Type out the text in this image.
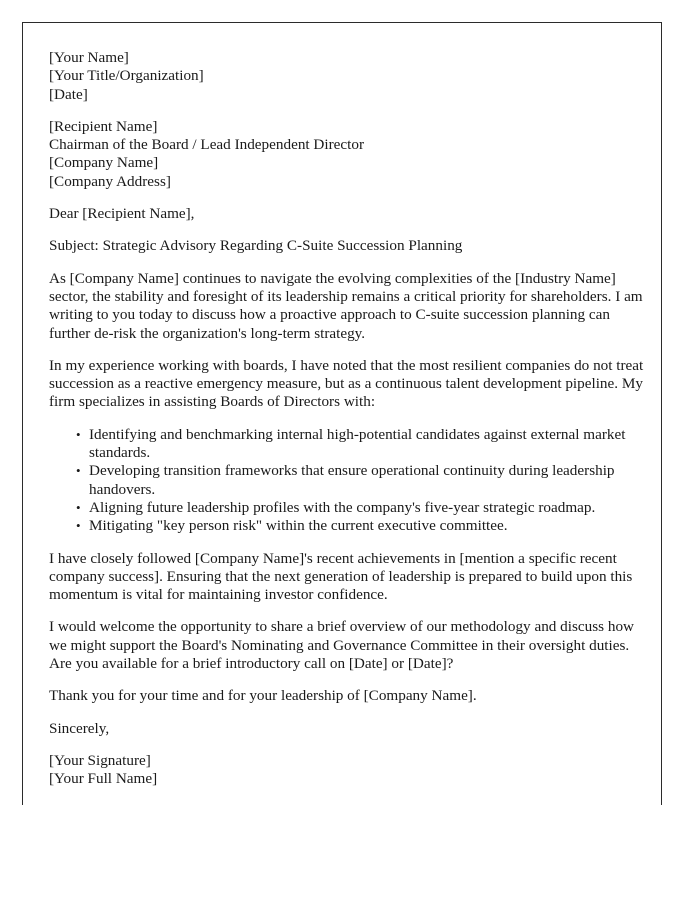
[Your Name]
[Your Title/Organization]
[Date]
[Recipient Name]
Chairman of the Board / Lead Independent Director
[Company Name]
[Company Address]

Dear [Recipient Name],

Subject: Strategic Advisory Regarding C-Suite Succession Planning

As [Company Name] continues to navigate the evolving complexities of the [Industry Name] sector, the stability and foresight of its leadership remains a critical priority for shareholders. I am writing to you today to discuss how a proactive approach to C-suite succession planning can further de-risk the organization's long-term strategy.

In my experience working with boards, I have noted that the most resilient companies do not treat succession as a reactive emergency measure, but as a continuous talent development pipeline. My firm specializes in assisting Boards of Directors with:

• Identifying and benchmarking internal high-potential candidates against external market standards.
• Developing transition frameworks that ensure operational continuity during leadership handovers.
• Aligning future leadership profiles with the company's five-year strategic roadmap.
• Mitigating "key person risk" within the current executive committee.

I have closely followed [Company Name]'s recent achievements in [mention a specific recent company success]. Ensuring that the next generation of leadership is prepared to build upon this momentum is vital for maintaining investor confidence.

I would welcome the opportunity to share a brief overview of our methodology and discuss how we might support the Board's Nominating and Governance Committee in their oversight duties. Are you available for a brief introductory call on [Date] or [Date]?

Thank you for your time and for your leadership of [Company Name].

Sincerely,

[Your Signature]
[Your Full Name]
